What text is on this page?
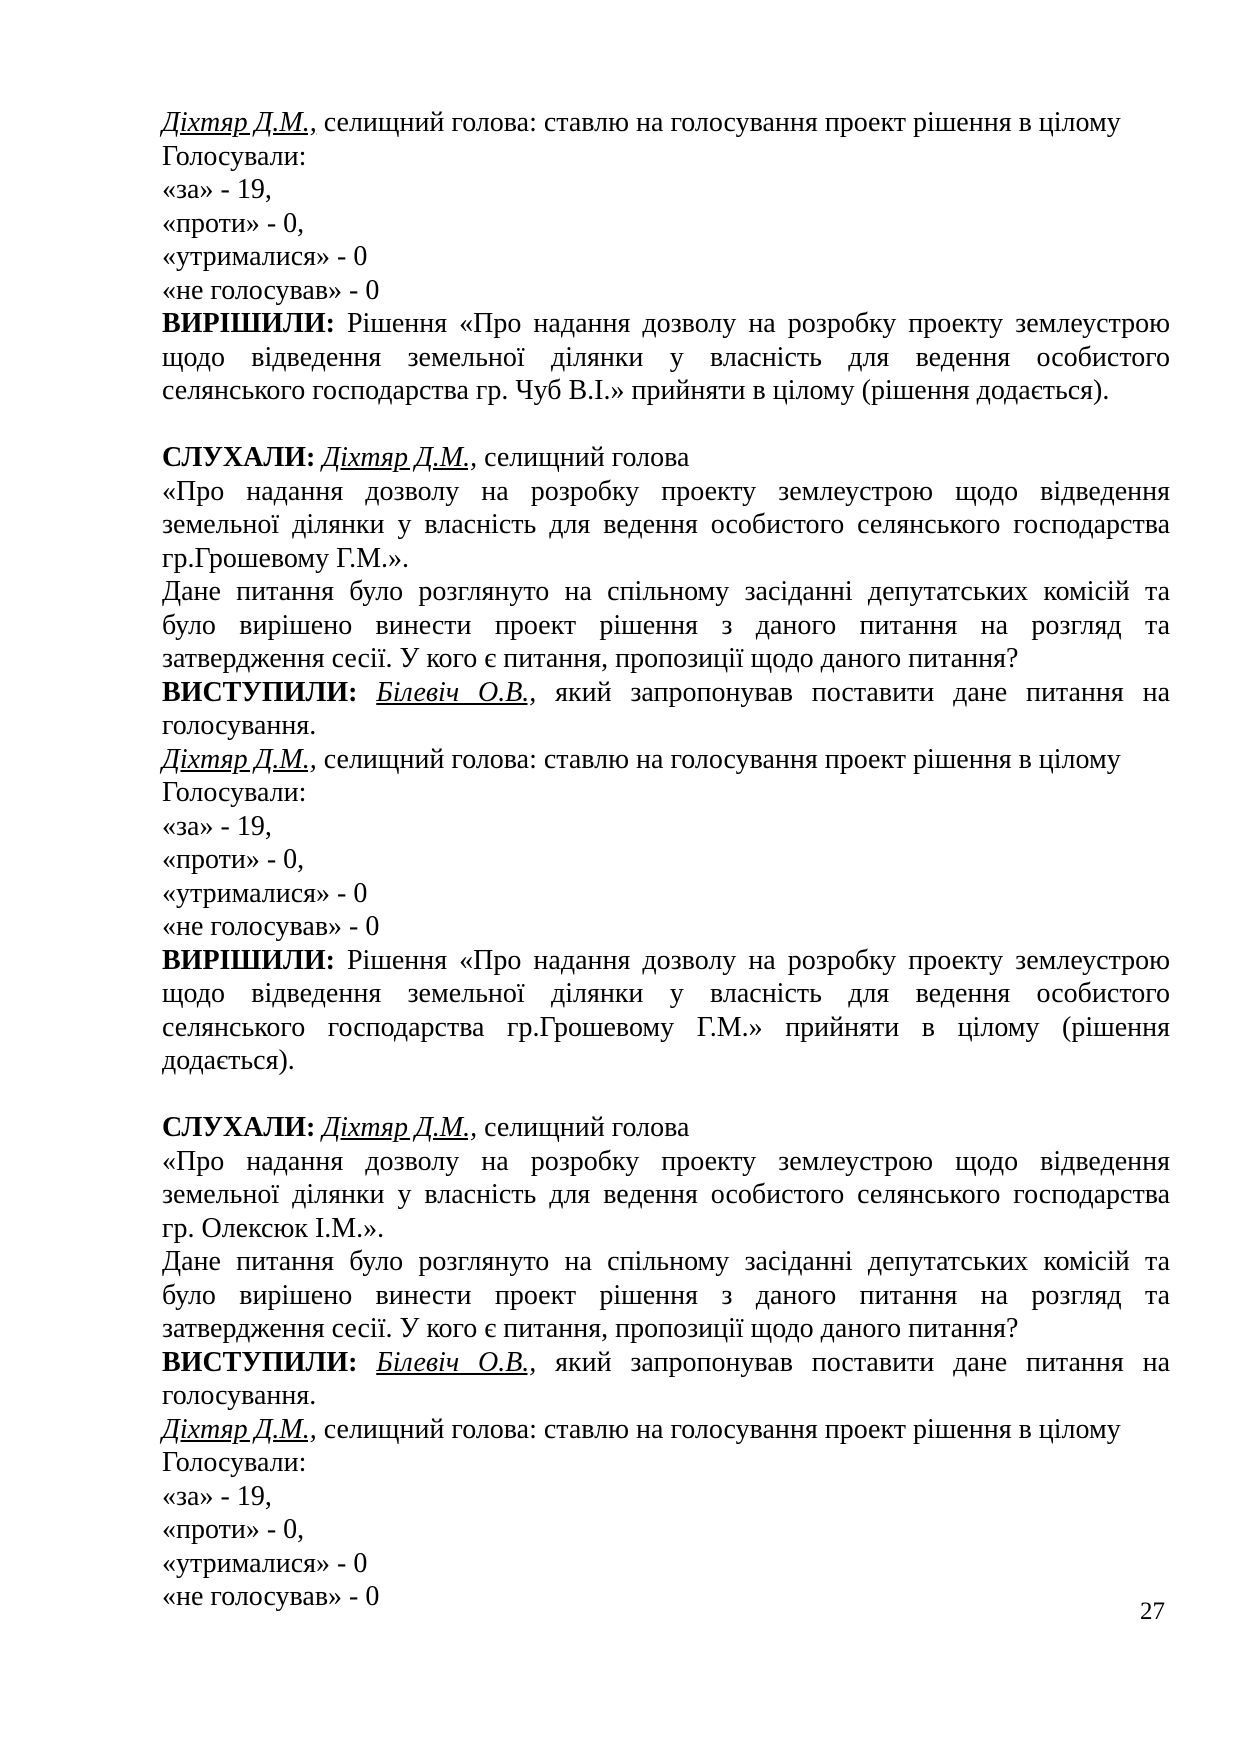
Діхтяр Д.М., селищний голова: ставлю на голосування проект рішення в цілому
Голосували:
«за» - 19,
«проти» - 0,
«утрималися» - 0
«не голосував» - 0
ВИРІШИЛИ: Рішення «Про надання дозволу на розробку проекту землеустрою
щодо відведення земельної ділянки у власність для ведення особистого
селянського господарства гр. Чуб В.І.» прийняти в цілому (рішення додається).
СЛУХАЛИ: Діхтяр Д.М., селищний голова
«Про надання дозволу на розробку проекту землеустрою щодо відведення
земельної ділянки у власність для ведення особистого селянського господарства
гр.Грошевому Г.М.».
Дане питання було розглянуто на спільному засіданні депутатських комісій та
було вирішено винести проект рішення з даного питання на розгляд та
затвердження сесії. У кого є питання, пропозиції щодо даного питання?
ВИСТУПИЛИ: Білевіч О.В., який запропонував поставити дане питання на
голосування.
Діхтяр Д.М., селищний голова: ставлю на голосування проект рішення в цілому
Голосували:
«за» - 19,
«проти» - 0,
«утрималися» - 0
«не голосував» - 0
ВИРІШИЛИ: Рішення «Про надання дозволу на розробку проекту землеустрою
щодо відведення земельної ділянки у власність для ведення особистого
селянського господарства гр.Грошевому Г.М.» прийняти в цілому (рішення
додається).
СЛУХАЛИ: Діхтяр Д.М., селищний голова
«Про надання дозволу на розробку проекту землеустрою щодо відведення
земельної ділянки у власність для ведення особистого селянського господарства
гр. Олексюк І.М.».
Дане питання було розглянуто на спільному засіданні депутатських комісій та
було вирішено винести проект рішення з даного питання на розгляд та
затвердження сесії. У кого є питання, пропозиції щодо даного питання?
ВИСТУПИЛИ: Білевіч О.В., який запропонував поставити дане питання на
голосування.
Діхтяр Д.М., селищний голова: ставлю на голосування проект рішення в цілому
Голосували:
«за» - 19,
«проти» - 0,
«утрималися» - 0
«не голосував» - 0	27
